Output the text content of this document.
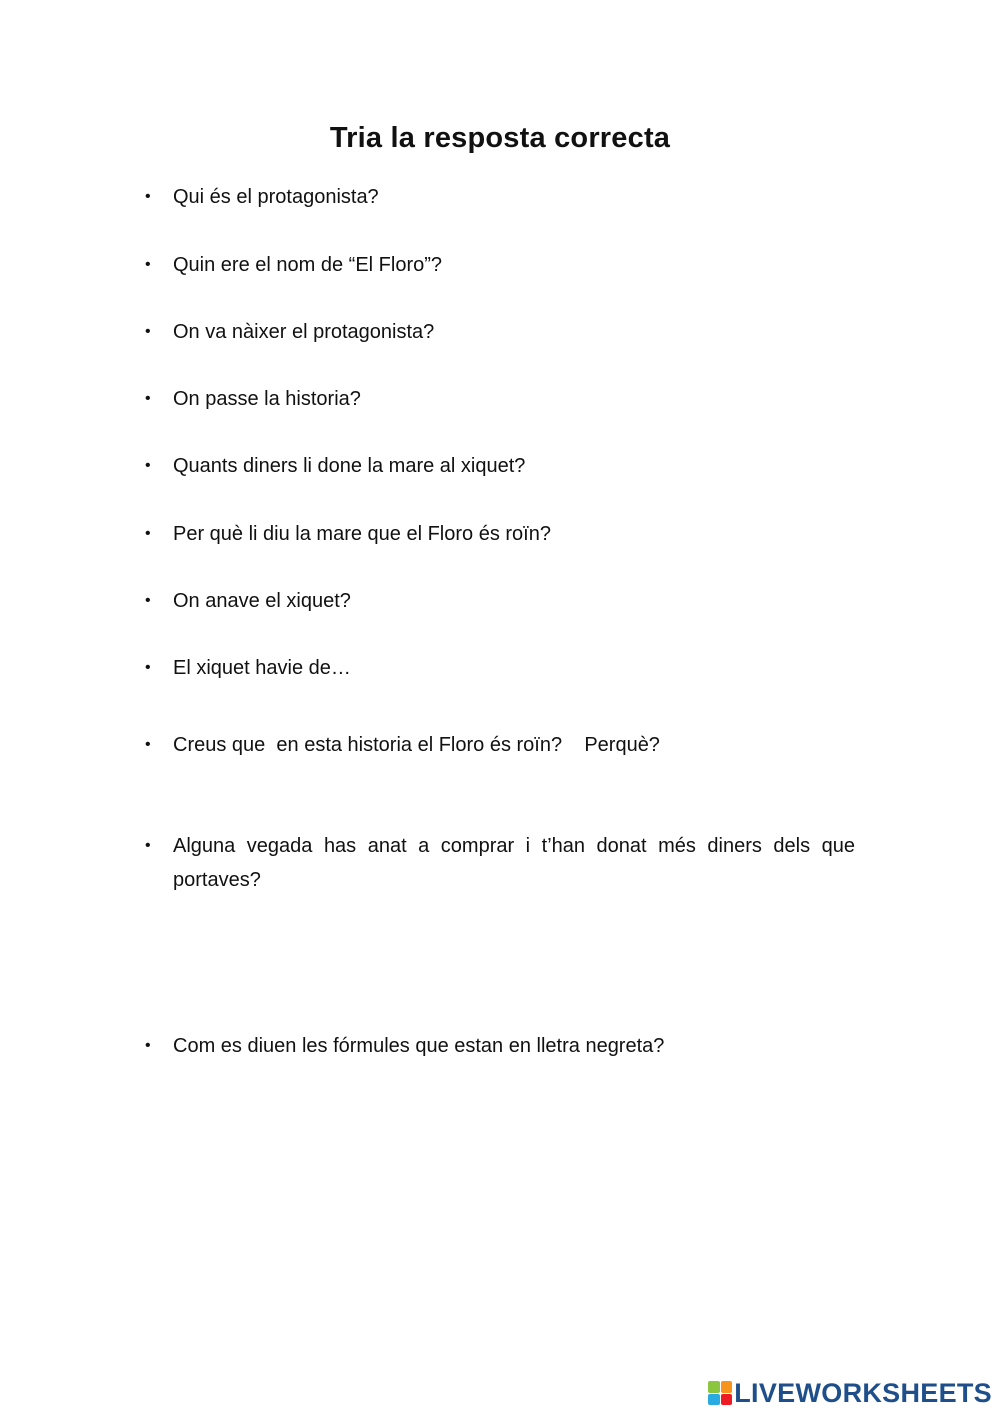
Tria la resposta correcta
•	Qui és el protagonista?
•	Quin ere el nom de “El Floro”?
•	On va nàixer el protagonista?
•	On passe la historia?
•	Quants diners li done la mare al xiquet?
•	Per què li diu la mare que el Floro és roïn?
•	On anave el xiquet?
•	El xiquet havie de…
•	Creus que  en esta historia el Floro és roïn?    Perquè?
•	Alguna vegada has anat a comprar i t’han donat més diners dels que portaves?
•	Com es diuen les fórmules que estan en lletra negreta?
LIVEWORKSHEETS
